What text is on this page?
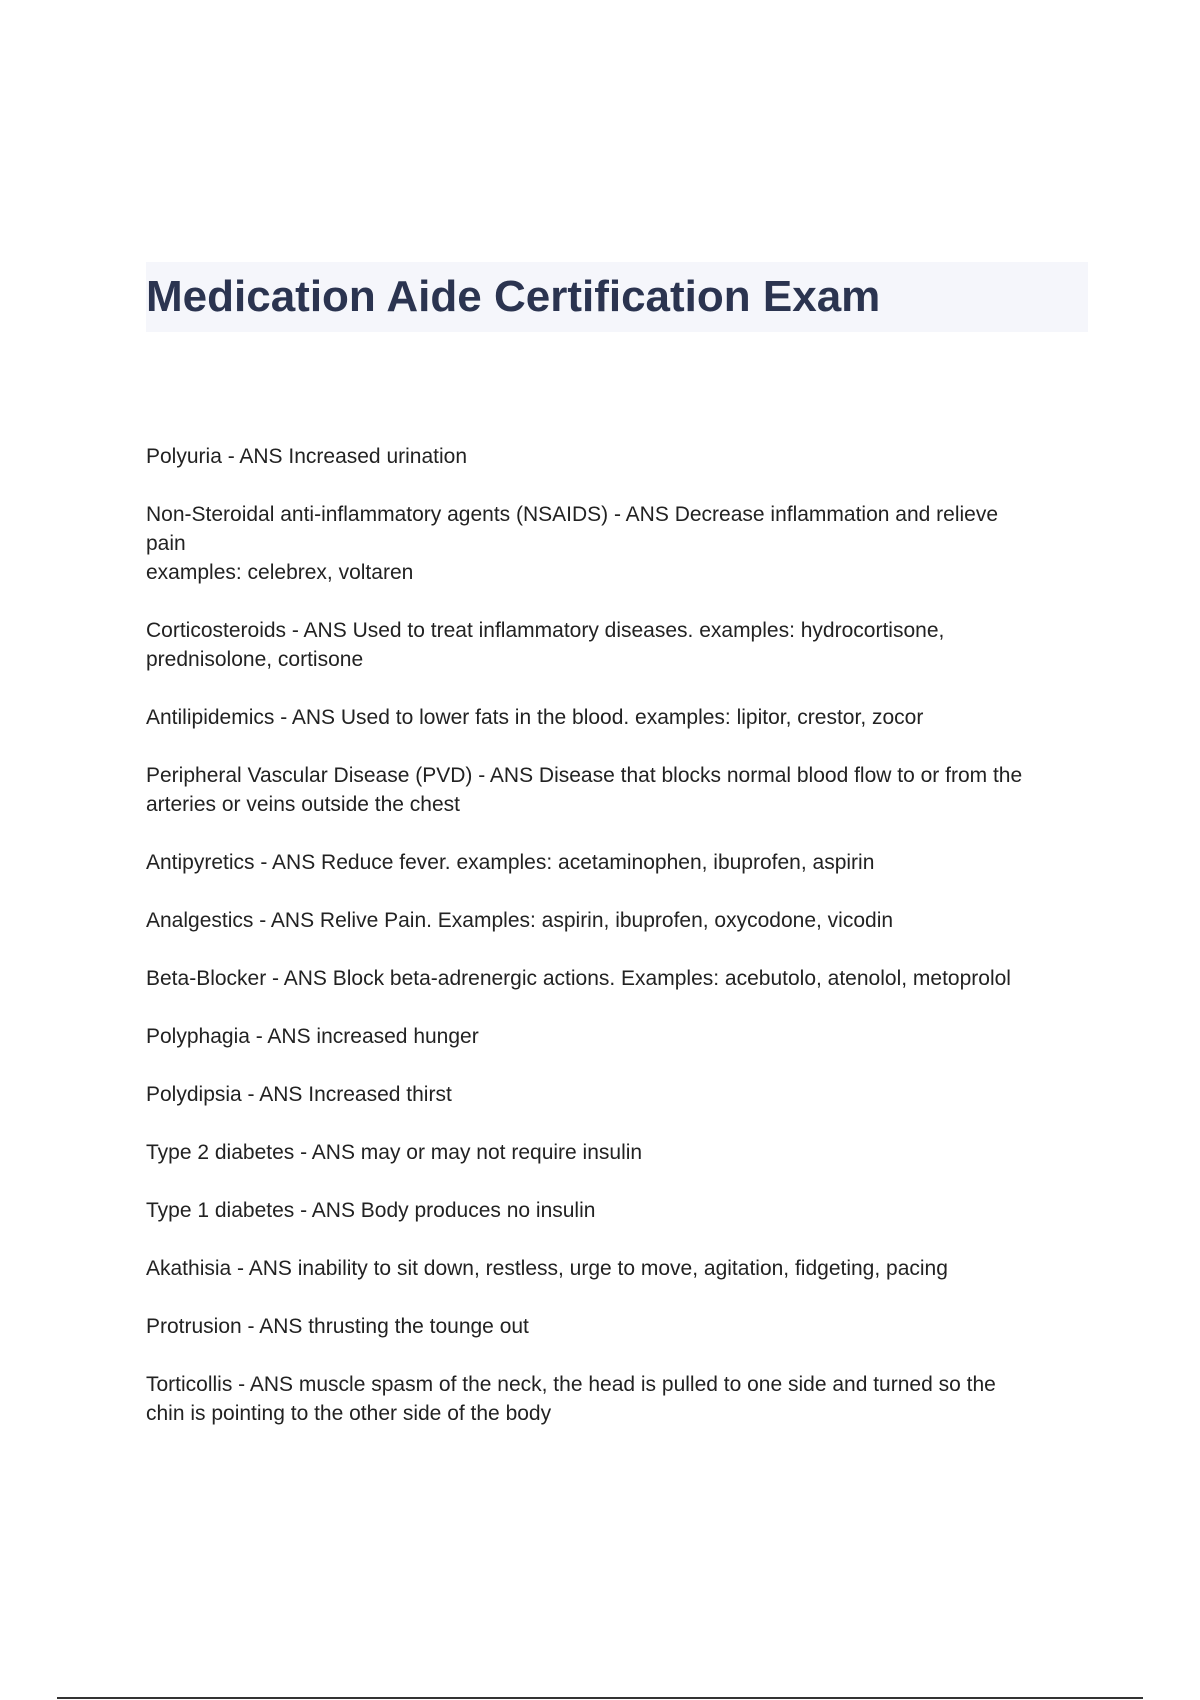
Medication Aide Certification Exam

Polyuria - ANS Increased urination

Non-Steroidal anti-inflammatory agents (NSAIDS) - ANS Decrease inflammation and relieve
pain
examples: celebrex, voltaren

Corticosteroids - ANS Used to treat inflammatory diseases. examples: hydrocortisone,
prednisolone, cortisone

Antilipidemics - ANS Used to lower fats in the blood. examples: lipitor, crestor, zocor

Peripheral Vascular Disease (PVD) - ANS Disease that blocks normal blood flow to or from the
arteries or veins outside the chest

Antipyretics - ANS Reduce fever. examples: acetaminophen, ibuprofen, aspirin

Analgestics - ANS Relive Pain. Examples: aspirin, ibuprofen, oxycodone, vicodin

Beta-Blocker - ANS Block beta-adrenergic actions. Examples: acebutolo, atenolol, metoprolol

Polyphagia - ANS increased hunger

Polydipsia - ANS Increased thirst

Type 2 diabetes - ANS may or may not require insulin

Type 1 diabetes - ANS Body produces no insulin

Akathisia - ANS inability to sit down, restless, urge to move, agitation, fidgeting, pacing

Protrusion - ANS thrusting the tounge out

Torticollis - ANS muscle spasm of the neck, the head is pulled to one side and turned so the
chin is pointing to the other side of the body
